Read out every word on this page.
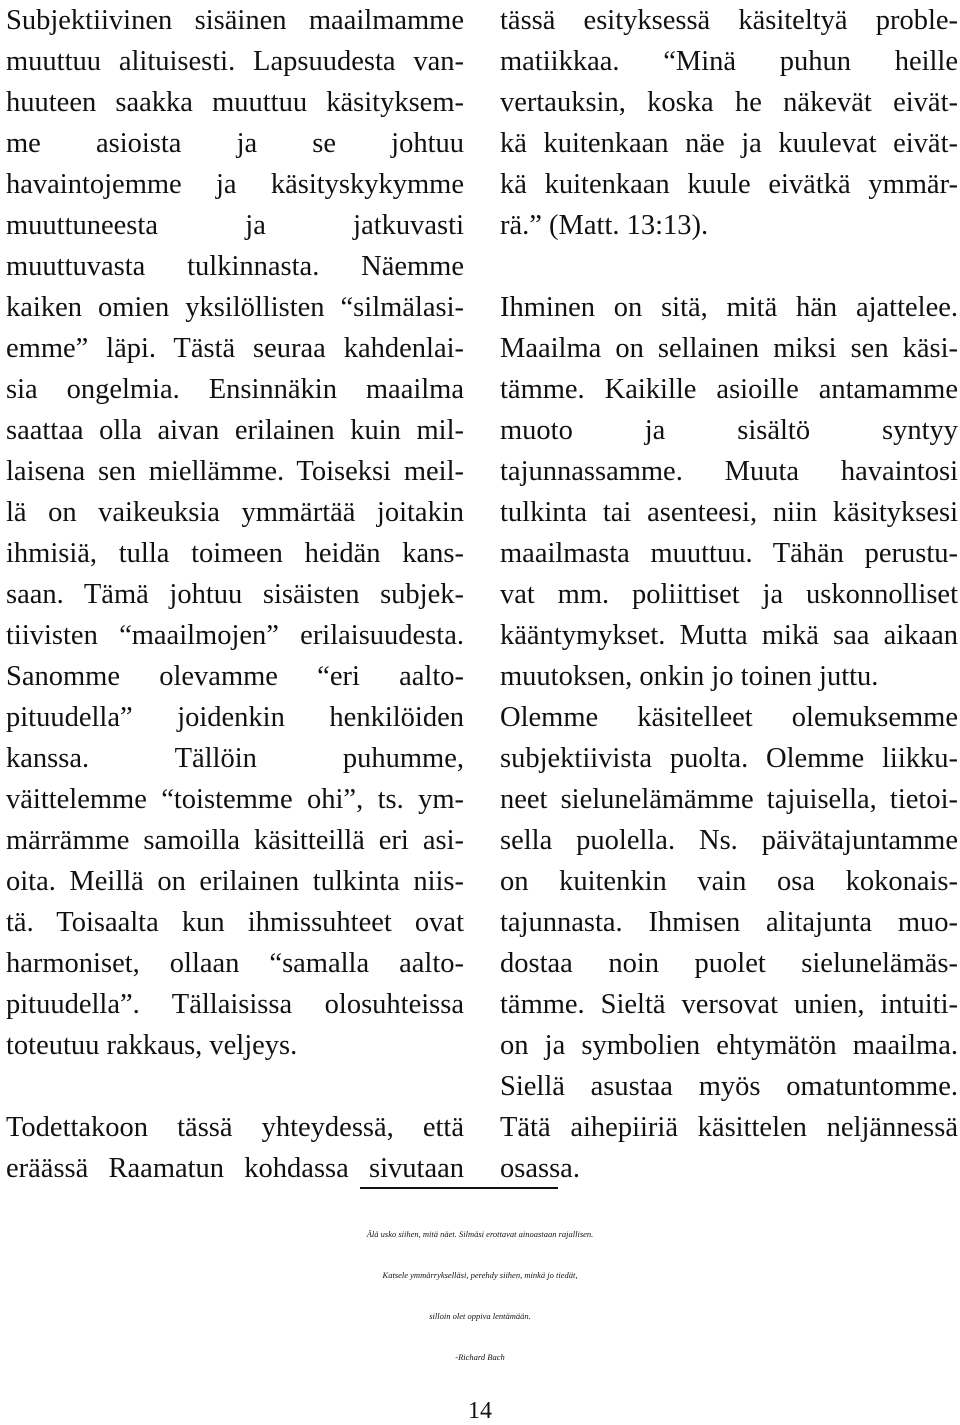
Subjektiivinen sisäinen maailmamme
muuttuu alituisesti. Lapsuudesta van-
huuteen saakka muuttuu käsityksem-
me asioista ja se johtuu
havaintojemme ja käsityskykymme
muuttuneesta ja jatkuvasti
muuttuvasta tulkinnasta. Näemme
kaiken omien yksilöllisten “silmälasi-
emme” läpi. Tästä seuraa kahdenlai-
sia ongelmia. Ensinnäkin maailma
saattaa olla aivan erilainen kuin mil-
laisena sen miellämme. Toiseksi meil-
lä on vaikeuksia ymmärtää joitakin
ihmisiä, tulla toimeen heidän kans-
saan. Tämä johtuu sisäisten subjek-
tiivisten “maailmojen” erilaisuudesta.
Sanomme olevamme “eri aalto-
pituudella” joidenkin henkilöiden
kanssa. Tällöin puhumme,
väittelemme “toistemme ohi”, ts. ym-
märrämme samoilla käsitteillä eri asi-
oita. Meillä on erilainen tulkinta niis-
tä. Toisaalta kun ihmissuhteet ovat
harmoniset, ollaan “samalla aalto-
pituudella”. Tällaisissa olosuhteissa
toteutuu rakkaus, veljeys.
Todettakoon tässä yhteydessä, että
eräässä Raamatun kohdassa sivutaan
tässä esityksessä käsiteltyä proble-
matiikkaa. “Minä puhun heille
vertauksin, koska he näkevät eivät-
kä kuitenkaan näe ja kuulevat eivät-
kä kuitenkaan kuule eivätkä ymmär-
rä.” (Matt. 13:13).
Ihminen on sitä, mitä hän ajattelee.
Maailma on sellainen miksi sen käsi-
tämme. Kaikille asioille antamamme
muoto ja sisältö syntyy
tajunnassamme. Muuta havaintosi
tulkinta tai asenteesi, niin käsityksesi
maailmasta muuttuu. Tähän perustu-
vat mm. poliittiset ja uskonnolliset
kääntymykset. Mutta mikä saa aikaan
muutoksen, onkin jo toinen juttu.
Olemme käsitelleet olemuksemme
subjektiivista puolta. Olemme liikku-
neet sielunelämämme tajuisella, tietoi-
sella puolella. Ns. päivätajuntamme
on kuitenkin vain osa kokonais-
tajunnasta. Ihmisen alitajunta muo-
dostaa noin puolet sielunelämäs-
tämme. Sieltä versovat unien, intuiti-
on ja symbolien ehtymätön maailma.
Siellä asustaa myös omatuntomme.
Tätä aihepiiriä käsittelen neljännessä
osassa.
Älä usko siihen, mitä näet. Silmäsi erottavat ainoastaan rajallisen.
Katsele ymmärrykselläsi, perehdy siihen, minkä jo tiedät,
silloin olet oppiva lentämään.
-Richard Bach
14
